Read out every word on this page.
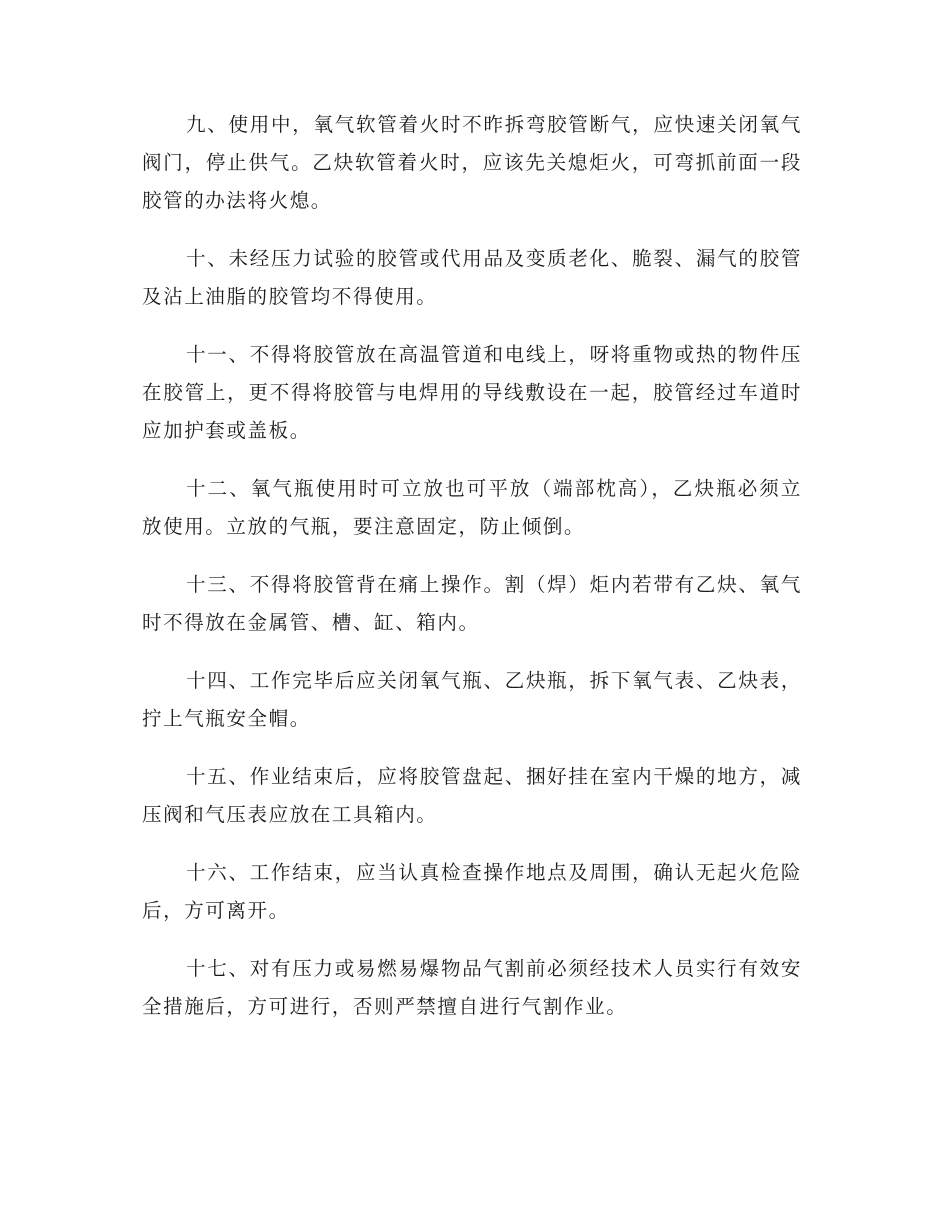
九、使用中，氧气软管着火时不昨拆弯胶管断气，应快速关闭氧气阀门，停止供气。乙炔软管着火时，应该先关熄炬火，可弯抓前面一段胶管的办法将火熄。

十、未经压力试验的胶管或代用品及变质老化、脆裂、漏气的胶管及沾上油脂的胶管均不得使用。

十一、不得将胶管放在高温管道和电线上，呀将重物或热的物件压在胶管上，更不得将胶管与电焊用的导线敷设在一起，胶管经过车道时应加护套或盖板。

十二、氧气瓶使用时可立放也可平放（端部枕高），乙炔瓶必须立放使用。立放的气瓶，要注意固定，防止倾倒。

十三、不得将胶管背在痛上操作。割（焊）炬内若带有乙炔、氧气时不得放在金属管、槽、缸、箱内。

十四、工作完毕后应关闭氧气瓶、乙炔瓶，拆下氧气表、乙炔表，拧上气瓶安全帽。

十五、作业结束后，应将胶管盘起、捆好挂在室内干燥的地方，减压阀和气压表应放在工具箱内。

十六、工作结束，应当认真检查操作地点及周围，确认无起火危险后，方可离开。

十七、对有压力或易燃易爆物品气割前必须经技术人员实行有效安全措施后，方可进行，否则严禁擅自进行气割作业。
